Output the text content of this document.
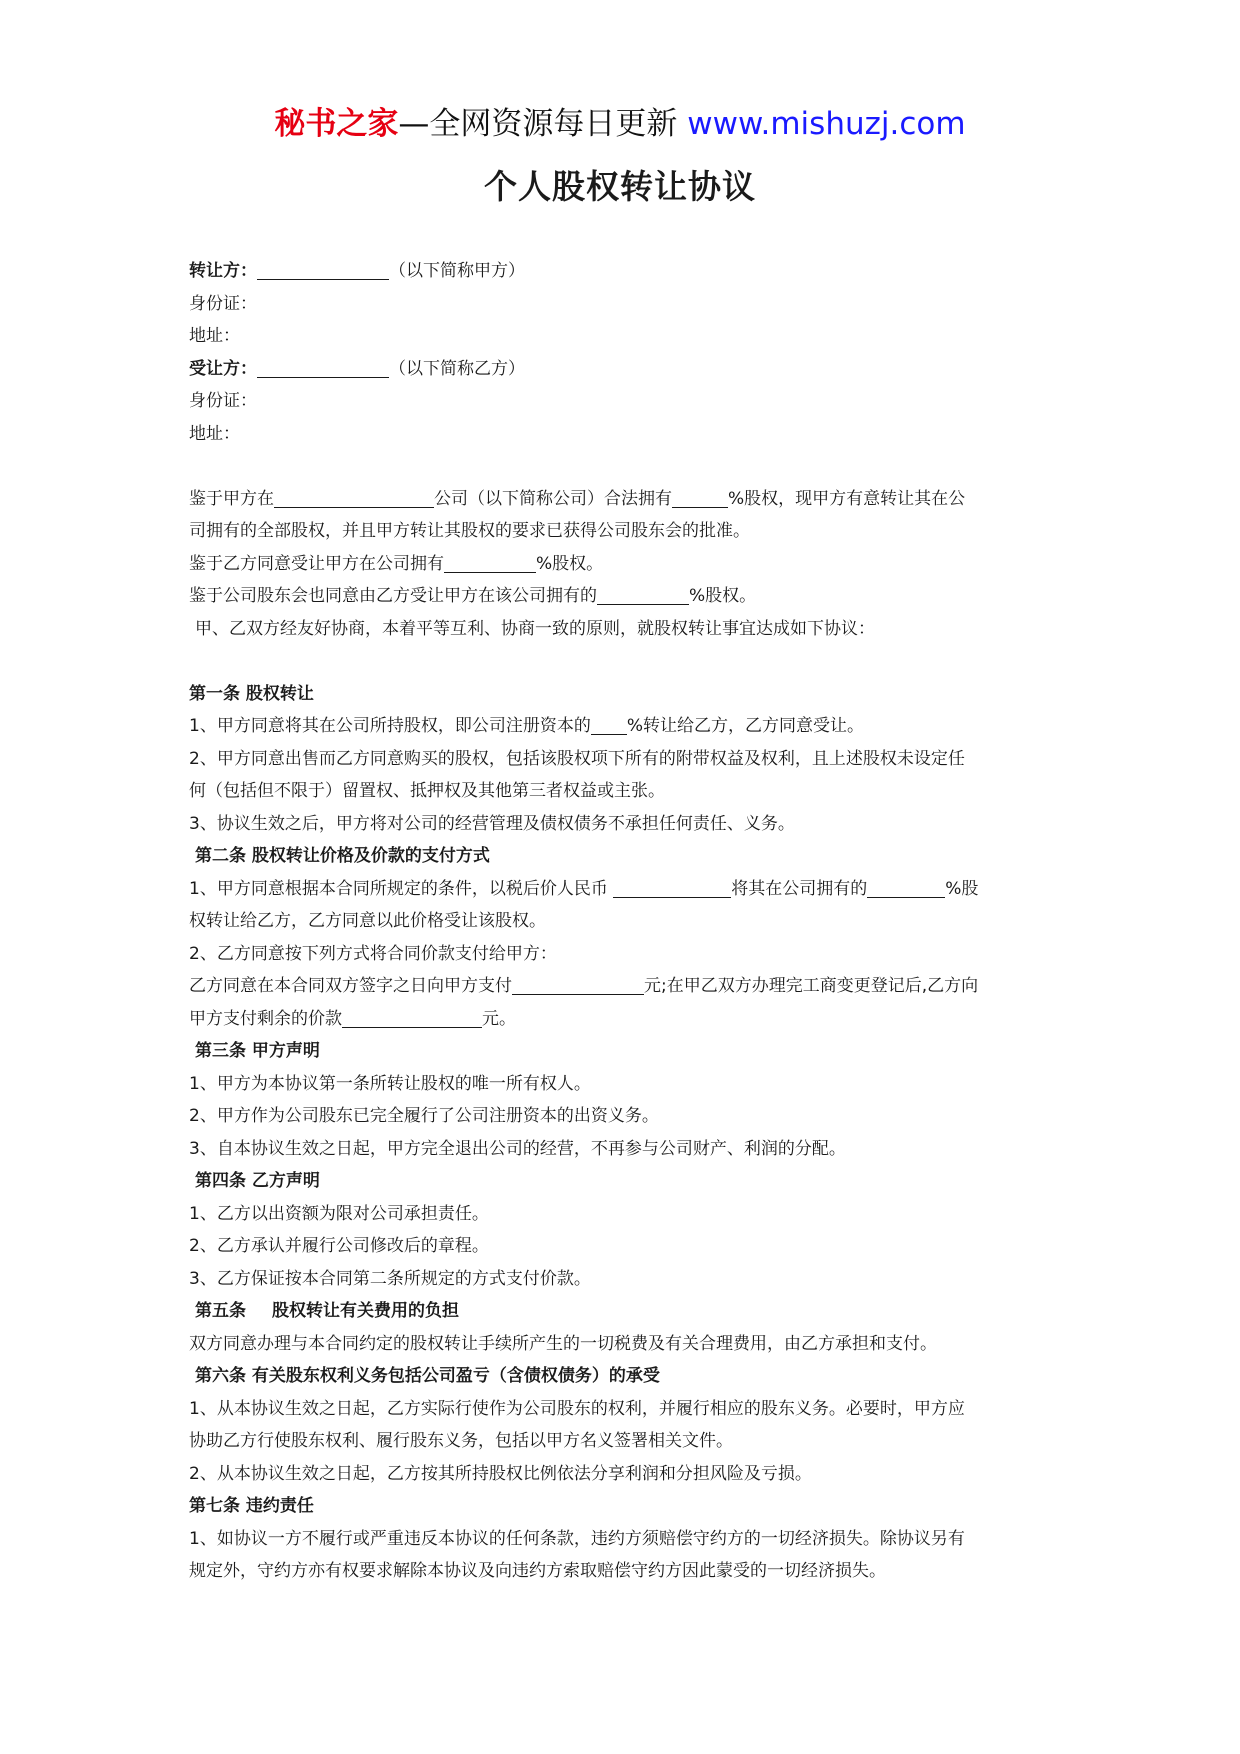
秘书之家—全网资源每日更新 www.mishuzj.com
个人股权转让协议
转让方：	（以下简称甲方）
身份证：
地址：
受让方：	（以下简称乙方）
身份证：
地址：
鉴于甲方在	公司（以下简称公司）合法拥有	%股权，现甲方有意转让其在公
司拥有的全部股权，并且甲方转让其股权的要求已获得公司股东会的批准。
鉴于乙方同意受让甲方在公司拥有	%股权。
鉴于公司股东会也同意由乙方受让甲方在该公司拥有的	%股权。
甲、乙双方经友好协商，本着平等互利、协商一致的原则，就股权转让事宜达成如下协议：
第一条 股权转让
1、甲方同意将其在公司所持股权，即公司注册资本的 %转让给乙方，乙方同意受让。
2、甲方同意出售而乙方同意购买的股权，包括该股权项下所有的附带权益及权利，且上述股权未设定任
何（包括但不限于）留置权、抵押权及其他第三者权益或主张。
3、协议生效之后，甲方将对公司的经营管理及债权债务不承担任何责任、义务。
第二条 股权转让价格及价款的支付方式
1、甲方同意根据本合同所规定的条件，以税后价人民币	将其在公司拥有的	%股
权转让给乙方，乙方同意以此价格受让该股权。
2、乙方同意按下列方式将合同价款支付给甲方：
乙方同意在本合同双方签字之日向甲方支付	元;在甲乙双方办理完工商变更登记后,乙方向
甲方支付剩余的价款	元。
第三条 甲方声明
1、甲方为本协议第一条所转让股权的唯一所有权人。
2、甲方作为公司股东已完全履行了公司注册资本的出资义务。
3、自本协议生效之日起，甲方完全退出公司的经营，不再参与公司财产、利润的分配。
第四条 乙方声明
1、乙方以出资额为限对公司承担责任。
2、乙方承认并履行公司修改后的章程。
3、乙方保证按本合同第二条所规定的方式支付价款。
第五条 股权转让有关费用的负担
双方同意办理与本合同约定的股权转让手续所产生的一切税费及有关合理费用，由乙方承担和支付。
第六条 有关股东权利义务包括公司盈亏（含债权债务）的承受
1、从本协议生效之日起，乙方实际行使作为公司股东的权利，并履行相应的股东义务。必要时，甲方应
协助乙方行使股东权利、履行股东义务，包括以甲方名义签署相关文件。
2、从本协议生效之日起，乙方按其所持股权比例依法分享利润和分担风险及亏损。
第七条 违约责任
1、如协议一方不履行或严重违反本协议的任何条款，违约方须赔偿守约方的一切经济损失。除协议另有
规定外，守约方亦有权要求解除本协议及向违约方索取赔偿守约方因此蒙受的一切经济损失。
